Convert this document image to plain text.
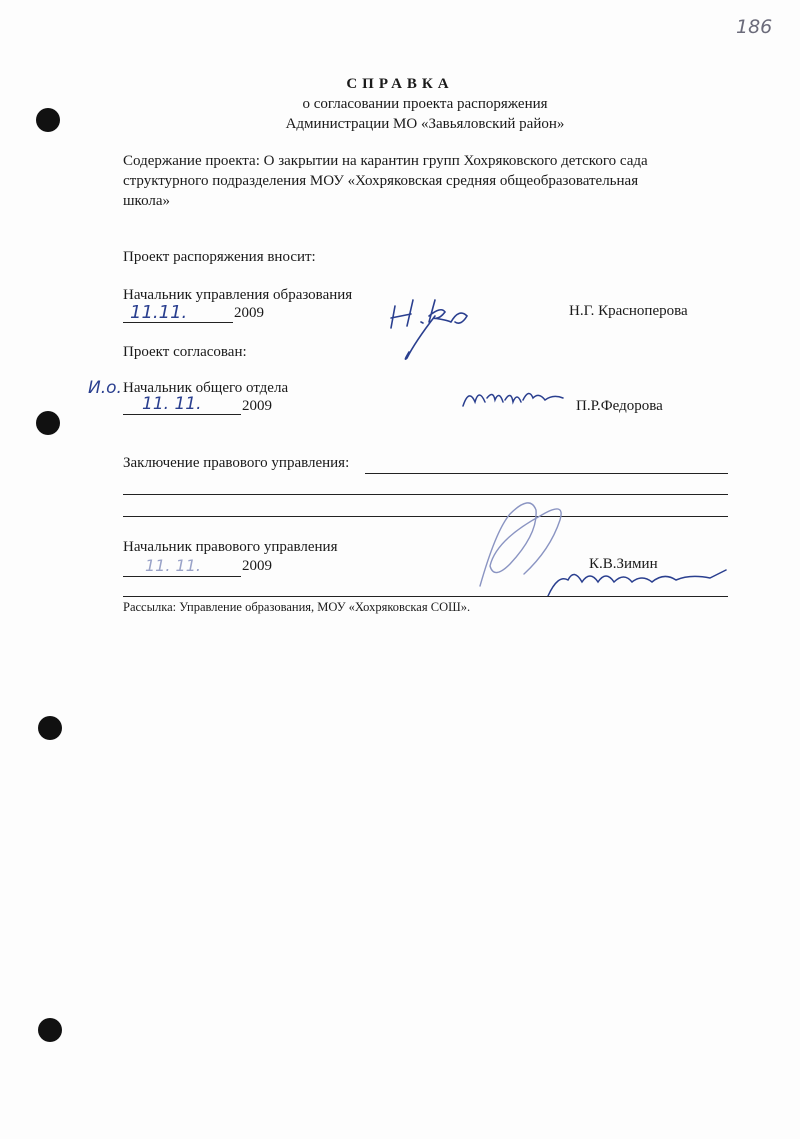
186
СПРАВКА
о согласовании проекта распоряжения
Администрации МО «Завьяловский район»
Содержание проекта: О закрытии на карантин групп Хохряковского детского сада
структурного подразделения МОУ «Хохряковская средняя общеобразовательная
школа»
Проект распоряжения вносит:
Начальник управления образования
11.11.	2009	Н.Г. Красноперова
Проект согласован:
И.о. Начальник общего отдела
11. 11.	2009	П.Р.Федорова
Заключение правового управления:
Начальник правового управления
11. 11.	2009	К.В.Зимин
Рассылка: Управление образования, МОУ «Хохряковская СОШ».
